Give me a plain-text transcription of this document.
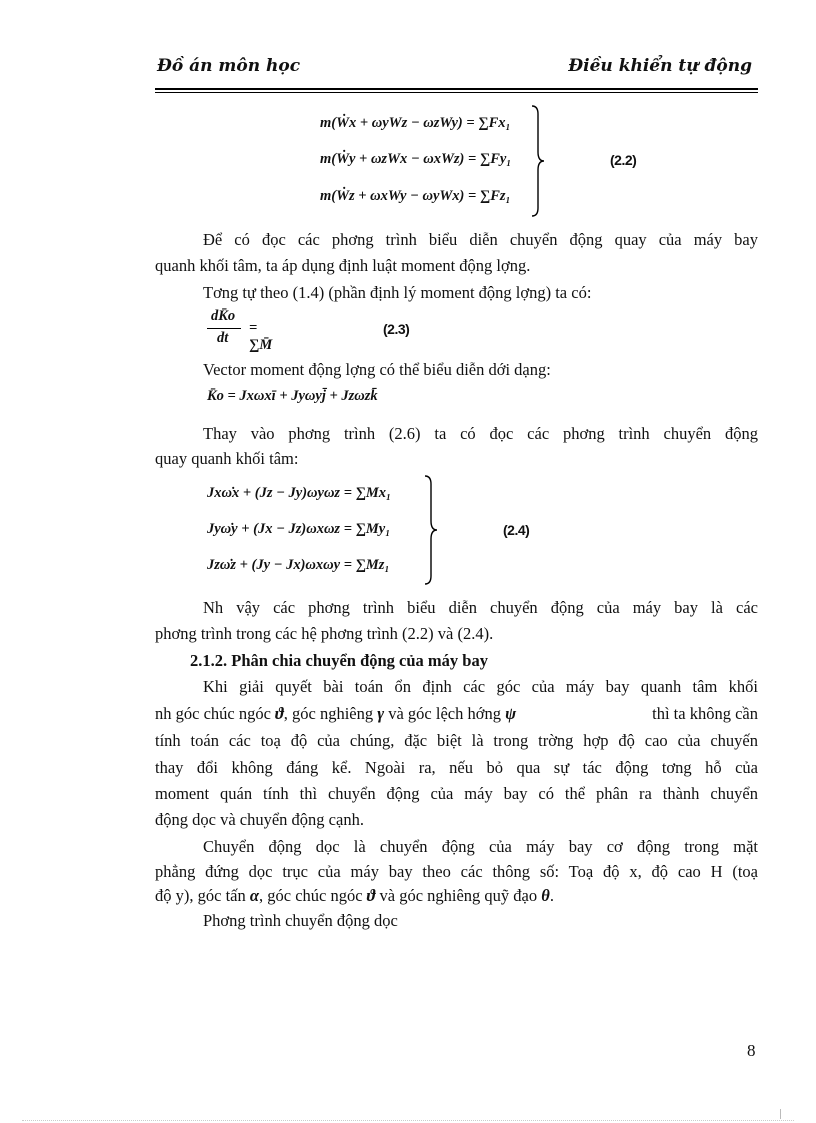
Đồ án môn học	Điều khiển tự động
m(Ẇx + ωyWz − ωzWy) = ∑Fx₁
m(Ẇy + ωzWx − ωxWz) = ∑Fy₁
m(Ẇz + ωxWy − ωyWx) = ∑Fz₁
(2.2)
Để có đọc các phơng trình biểu diễn chuyển động quay của máy bay
quanh khối tâm, ta áp dụng định luật moment động lợng.
Tơng tự theo (1.4) (phần định lý moment động lợng) ta có:
dK̄o
dt
= ∑M̄
(2.3)
Vector moment động lợng có thể biểu diễn dới dạng:
K̄o = Jxωxī + Jyωyj̄ + Jzωzk̄
Thay vào phơng trình (2.6) ta có đọc các phơng trình chuyển động
quay quanh khối tâm:
Jxω̇x + (Jz − Jy)ωyωz = ∑Mx₁
Jyω̇y + (Jx − Jz)ωxωz = ∑My₁
Jzω̇z + (Jy − Jx)ωxωy = ∑Mz₁
(2.4)
Nh vậy các phơng trình biểu diễn chuyển động của máy bay là các
phơng trình trong các hệ phơng trình (2.2) và (2.4).
2.1.2. Phân chia chuyển động của máy bay
Khi giải quyết bài toán ổn định các góc của máy bay quanh tâm khối
nh góc chúc ngóc ϑ, góc nghiêng γ và góc lệch hớng ψ	thì ta không cần
tính toán các toạ độ của chúng, đặc biệt là trong trờng hợp độ cao của chuyến
thay đổi không đáng kể. Ngoài ra, nếu bỏ qua sự tác động tơng hỗ của
moment quán tính thì chuyển động của máy bay có thể phân ra thành chuyển
động dọc và chuyển động cạnh.
Chuyển động dọc là chuyển động của máy bay cơ động trong mặt
phẳng đứng dọc trục của máy bay theo các thông số: Toạ độ x, độ cao H (toạ
độ y), góc tấn α, góc chúc ngóc ϑ và góc nghiêng quỹ đạo θ.
Phơng trình chuyển động dọc
8
